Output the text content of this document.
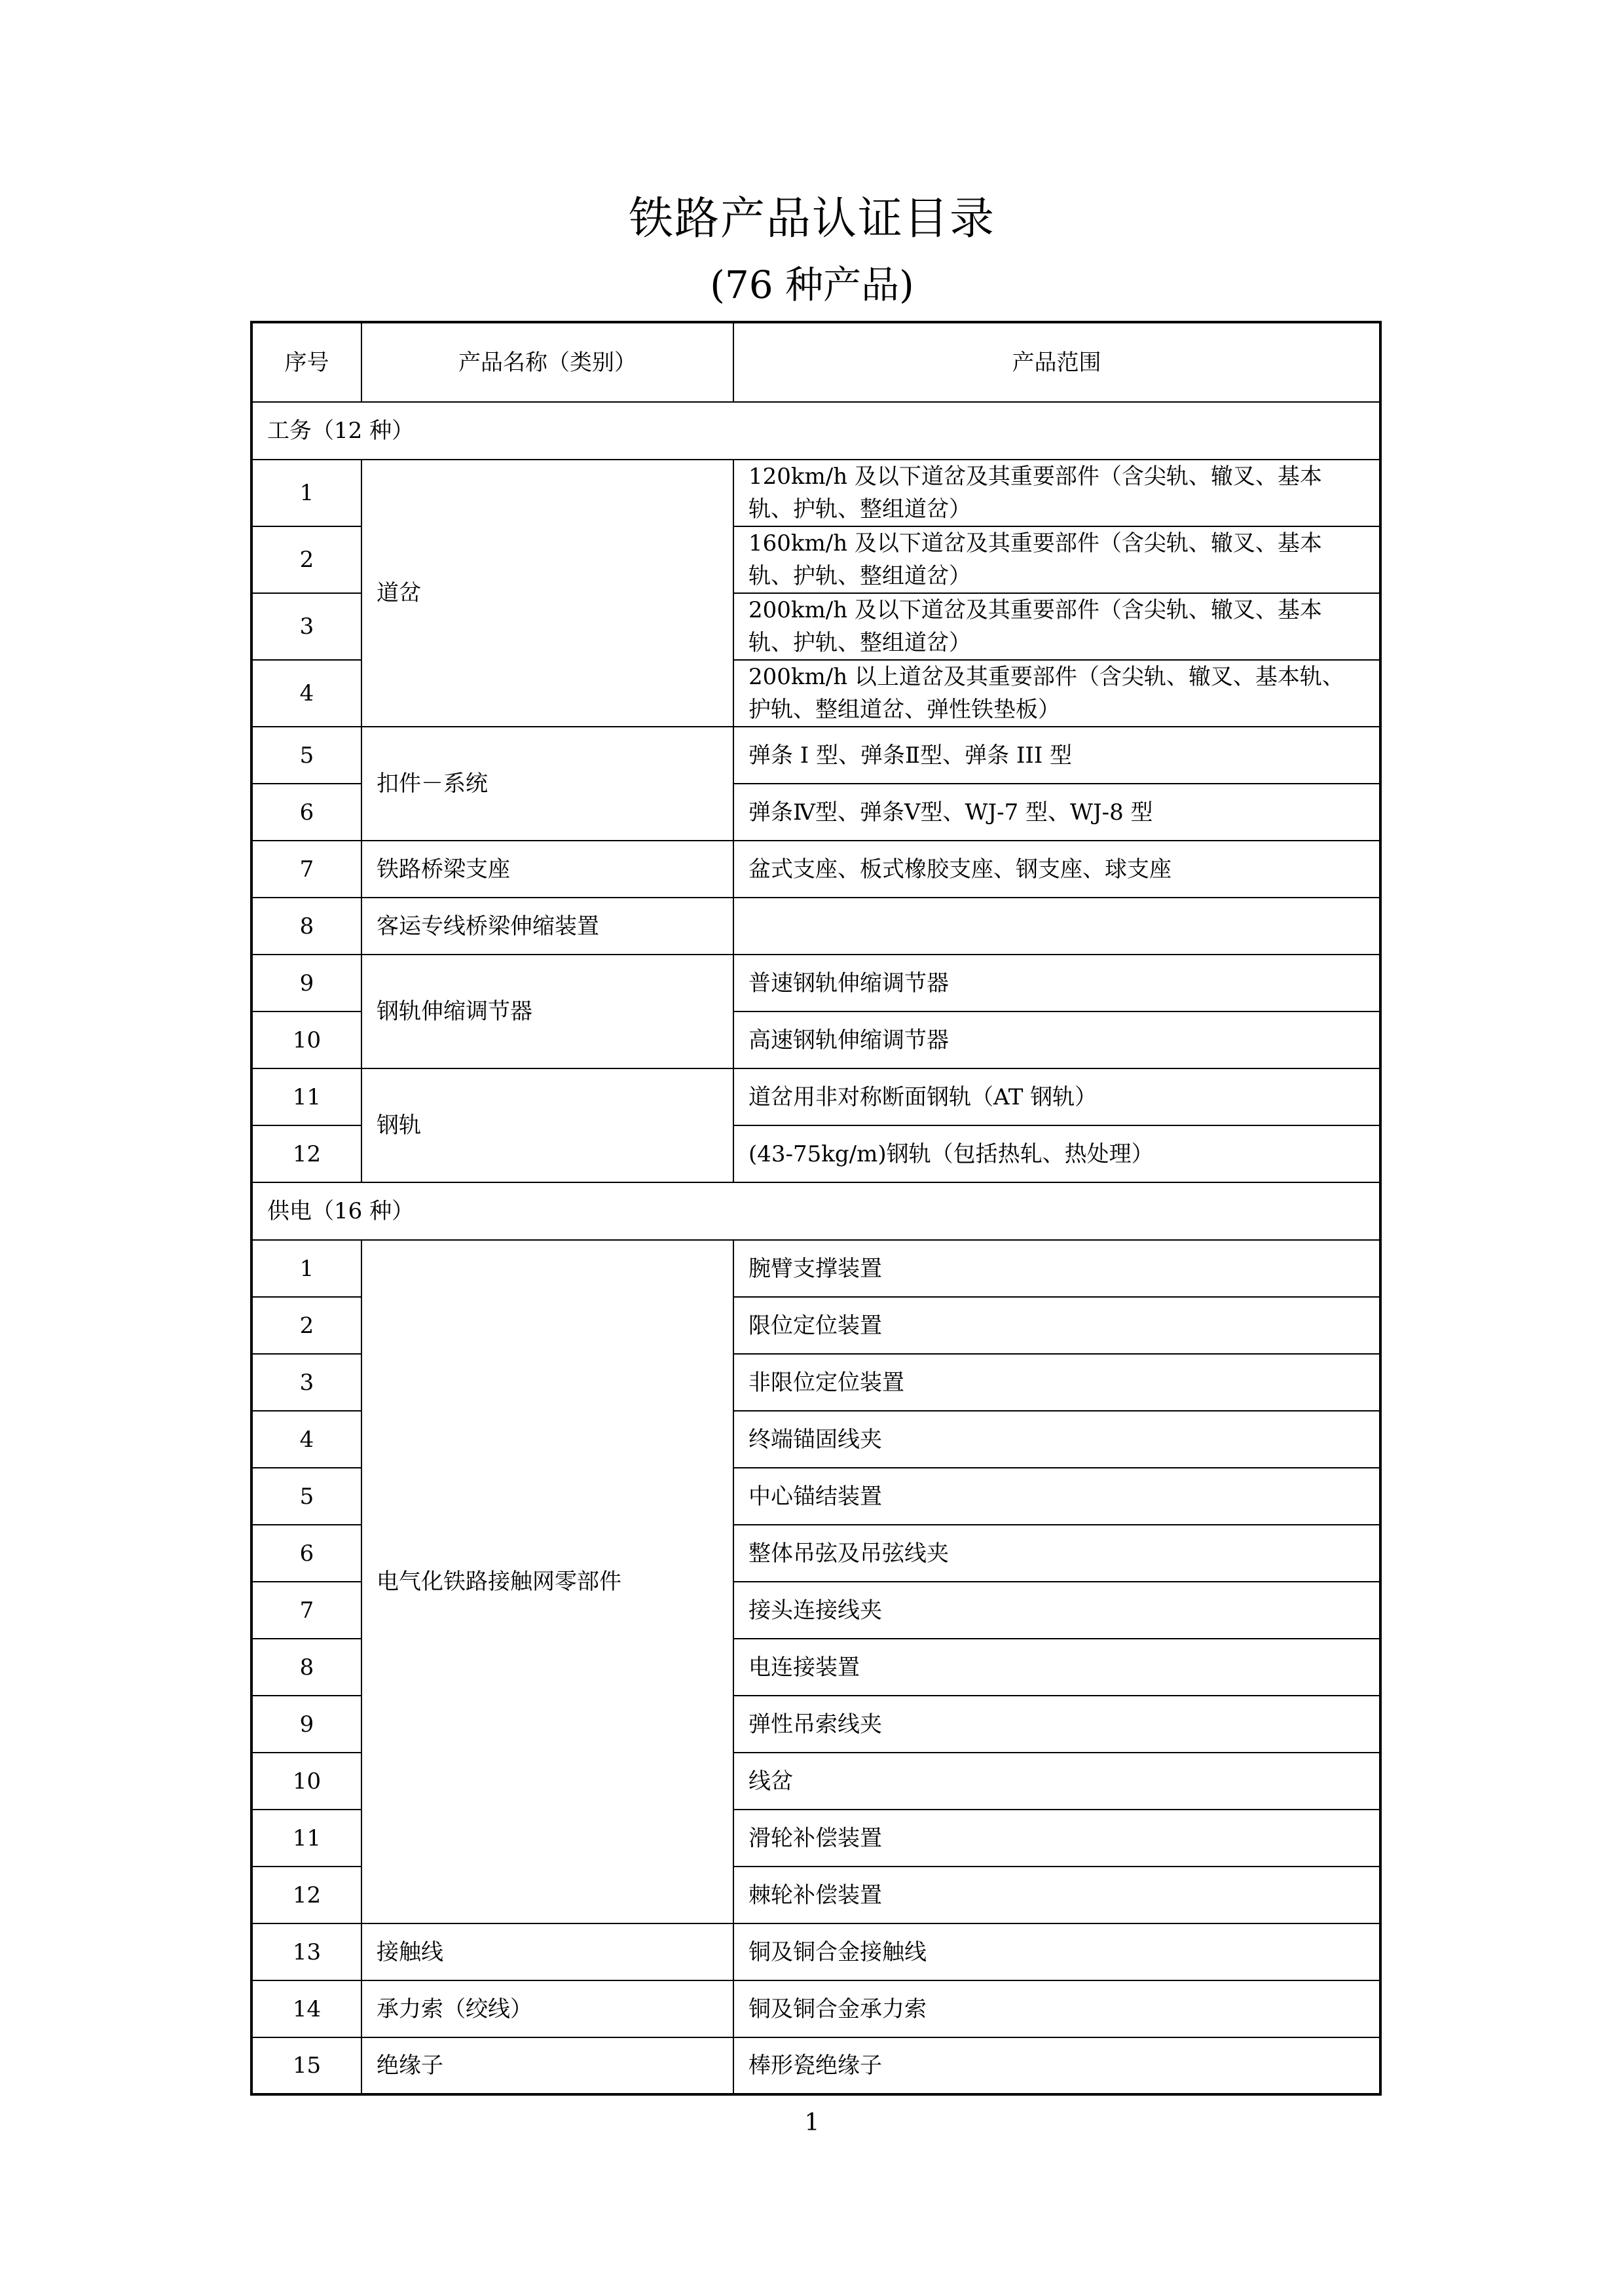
铁路产品认证目录
(76 种产品)
序号	产品名称（类别）	产品范围
工务（12 种）		
1	道岔	120km/h 及以下道岔及其重要部件（含尖轨、辙叉、基本轨、护轨、整组道岔）
2		160km/h 及以下道岔及其重要部件（含尖轨、辙叉、基本轨、护轨、整组道岔）
3		200km/h 及以下道岔及其重要部件（含尖轨、辙叉、基本轨、护轨、整组道岔）
4		200km/h 以上道岔及其重要部件（含尖轨、辙叉、基本轨、护轨、整组道岔、弹性铁垫板）
5	扣件－系统	弹条 I 型、弹条Ⅱ型、弹条 III 型
6		弹条Ⅳ型、弹条Ⅴ型、WJ-7 型、WJ-8 型
7	铁路桥梁支座	盆式支座、板式橡胶支座、钢支座、球支座
8	客运专线桥梁伸缩装置	
9	钢轨伸缩调节器	普速钢轨伸缩调节器
10		高速钢轨伸缩调节器
11	钢轨	道岔用非对称断面钢轨（AT 钢轨）
12		(43-75kg/m)钢轨（包括热轧、热处理）
供电（16 种）		
1	电气化铁路接触网零部件	腕臂支撑装置
2		限位定位装置
3		非限位定位装置
4		终端锚固线夹
5		中心锚结装置
6		整体吊弦及吊弦线夹
7		接头连接线夹
8		电连接装置
9		弹性吊索线夹
10		线岔
11		滑轮补偿装置
12		棘轮补偿装置
13	接触线	铜及铜合金接触线
14	承力索（绞线）	铜及铜合金承力索
15	绝缘子	棒形瓷绝缘子
1
